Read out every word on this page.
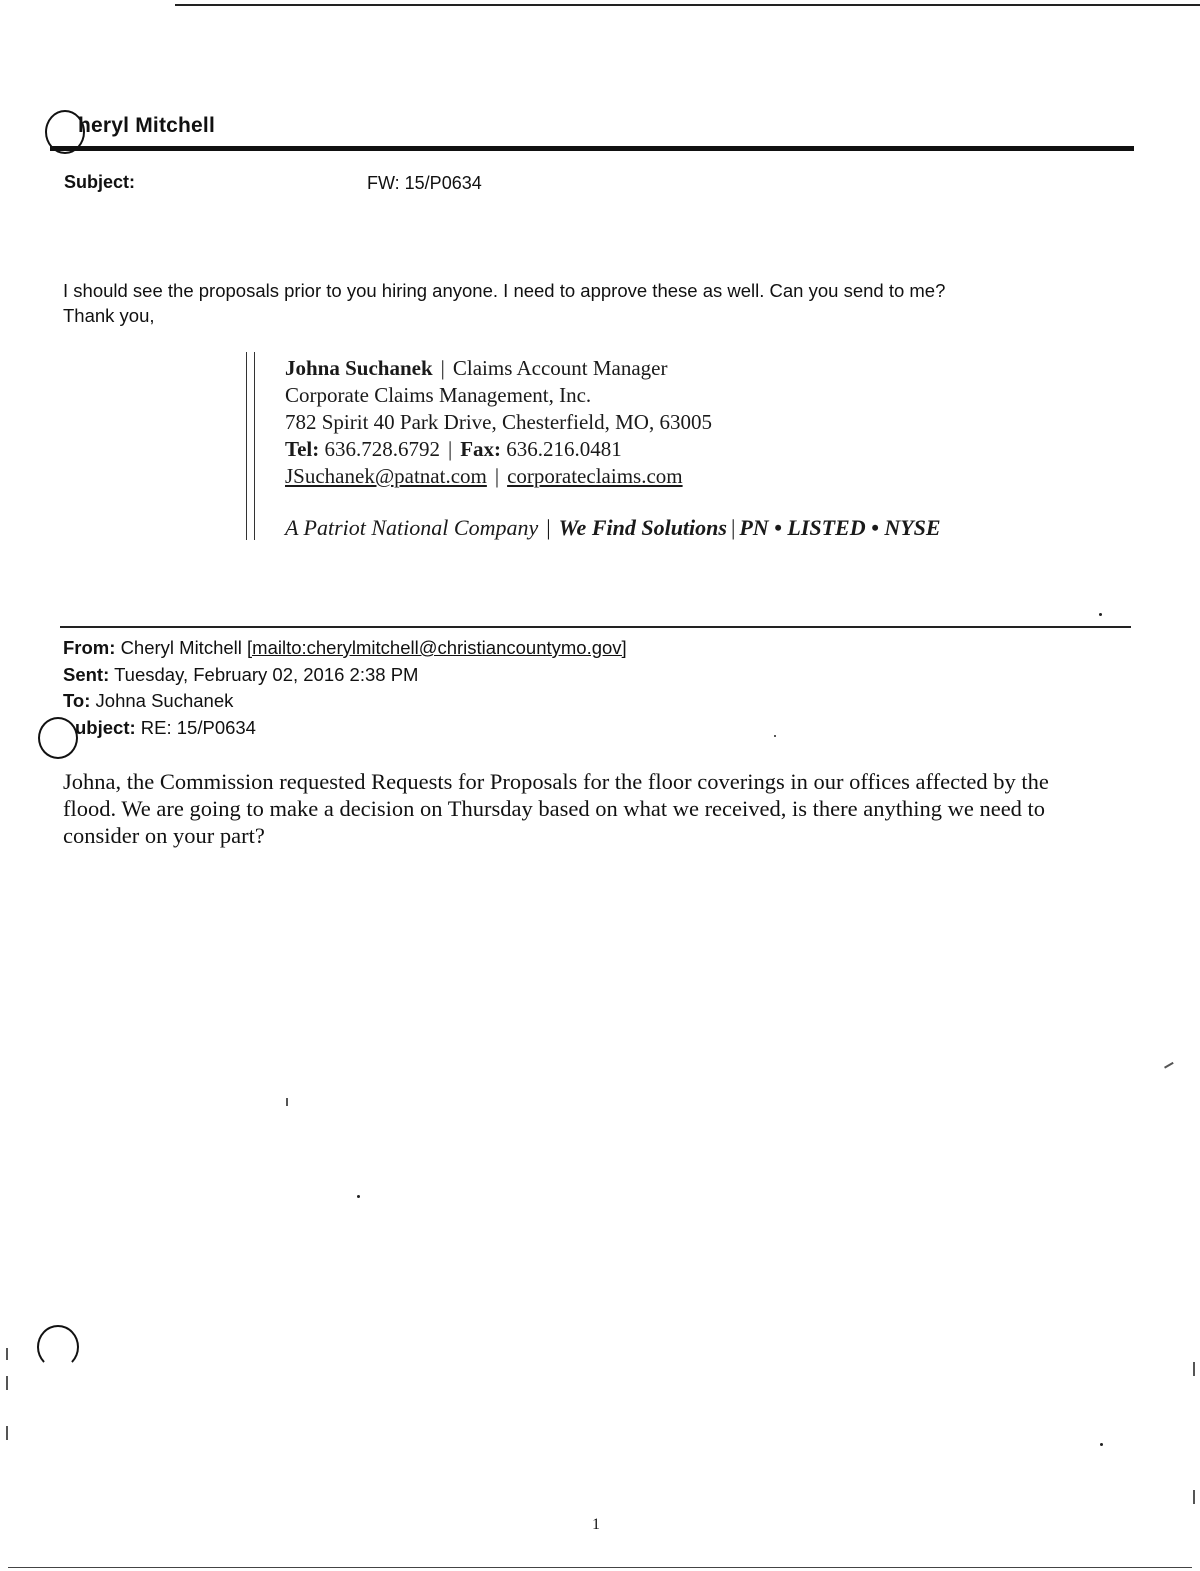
heryl Mitchell
Subject:	FW: 15/P0634
I should see the proposals prior to you hiring anyone. I need to approve these as well. Can you send to me?
Thank you,
Johna Suchanek | Claims Account Manager
Corporate Claims Management, Inc.
782 Spirit 40 Park Drive, Chesterfield, MO, 63005
Tel: 636.728.6792 | Fax: 636.216.0481
JSuchanek@patnat.com | corporateclaims.com
A Patriot National Company | We Find Solutions | PN • LISTED • NYSE
From: Cheryl Mitchell [mailto:cherylmitchell@christiancountymo.gov]
Sent: Tuesday, February 02, 2016 2:38 PM
To: Johna Suchanek
ubject: RE: 15/P0634
Johna, the Commission requested Requests for Proposals for the floor coverings in our offices affected by the
flood. We are going to make a decision on Thursday based on what we received, is there anything we need to
consider on your part?
1
